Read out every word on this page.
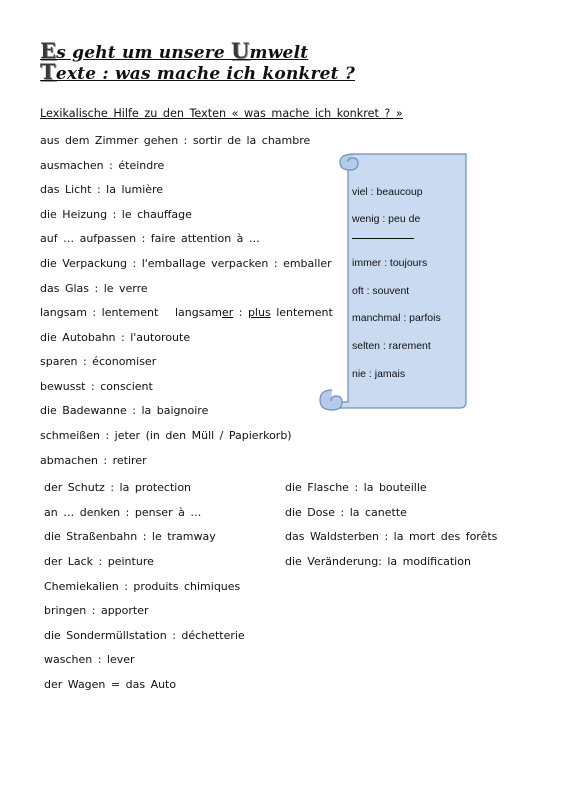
Es geht um unsere Umwelt
Texte : was mache ich konkret ?
Lexikalische Hilfe zu den Texten « was mache ich konkret ? »
aus dem Zimmer gehen : sortir de la chambre
ausmachen : éteindre
das Licht : la lumière
die Heizung : le chauffage
auf … aufpassen : faire attention à …
die Verpackung : l'emballage verpacken : emballer
das Glas : le verre
langsam : lentement langsamer : plus lentement
die Autobahn : l'autoroute
sparen : économiser
bewusst : conscient
die Badewanne : la baignoire
schmeißen : jeter (in den Müll / Papierkorb)
abmachen : retirer
der Schutz : la protection
an … denken : penser à …
die Straßenbahn : le tramway
der Lack : peinture
Chemiekalien : produits chimiques
bringen : apporter
die Sondermüllstation : déchetterie
waschen : lever
der Wagen = das Auto
die Flasche : la bouteille
die Dose : la canette
das Waldsterben : la mort des forêts
die Veränderung: la modification
viel : beaucoup
wenig : peu de
immer : toujours
oft : souvent
manchmal : parfois
selten : rarement
nie : jamais
